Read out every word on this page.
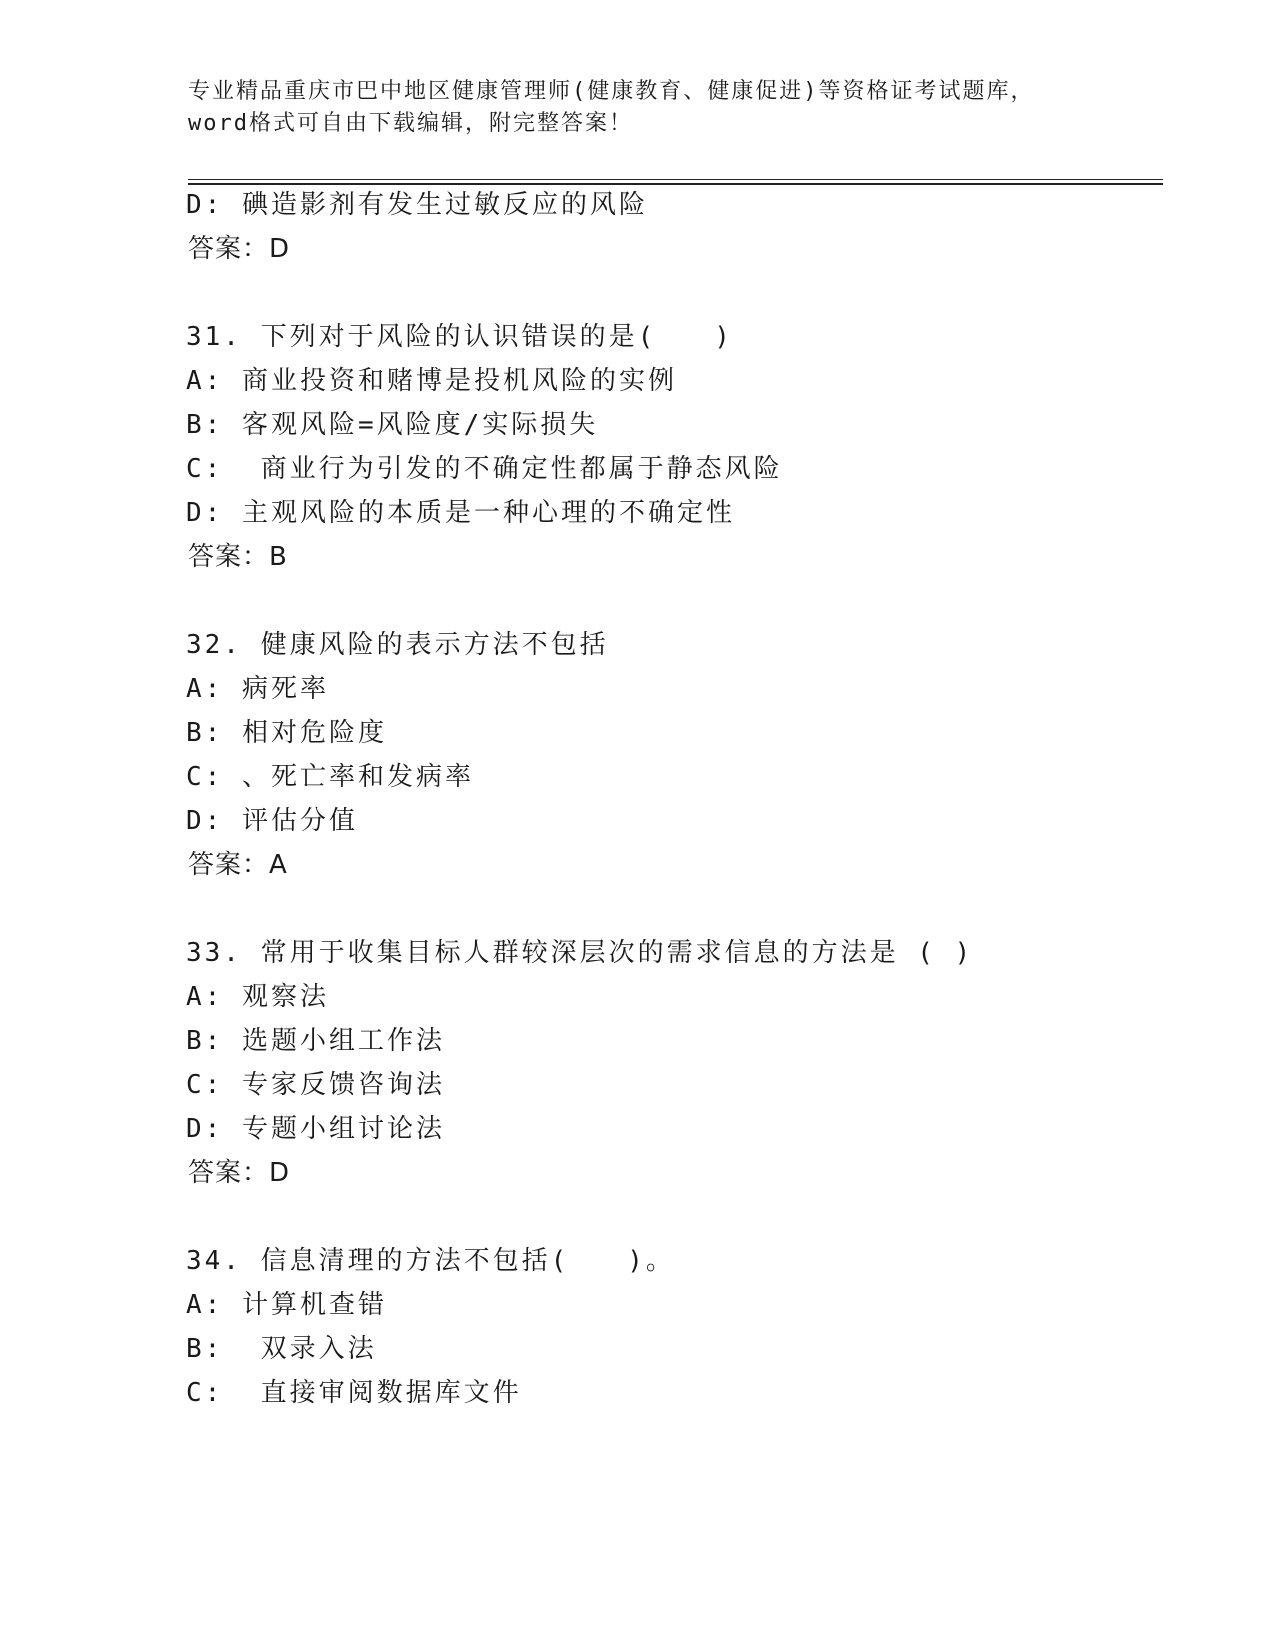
专业精品重庆市巴中地区健康管理师(健康教育、健康促进)等资格证考试题库，
word格式可自由下载编辑，附完整答案！
D: 碘造影剂有发生过敏反应的风险
答案：D
31. 下列对于风险的认识错误的是(　　)
A: 商业投资和赌博是投机风险的实例
B: 客观风险=风险度/实际损失
C:  商业行为引发的不确定性都属于静态风险
D: 主观风险的本质是一种心理的不确定性
答案：B
32. 健康风险的表示方法不包括
A: 病死率
B: 相对危险度
C: 、死亡率和发病率
D: 评估分值
答案：A
33. 常用于收集目标人群较深层次的需求信息的方法是 ( )
A: 观察法
B: 选题小组工作法
C: 专家反馈咨询法
D: 专题小组讨论法
答案：D
34. 信息清理的方法不包括(　　)。
A: 计算机查错
B:  双录入法
C:  直接审阅数据库文件
